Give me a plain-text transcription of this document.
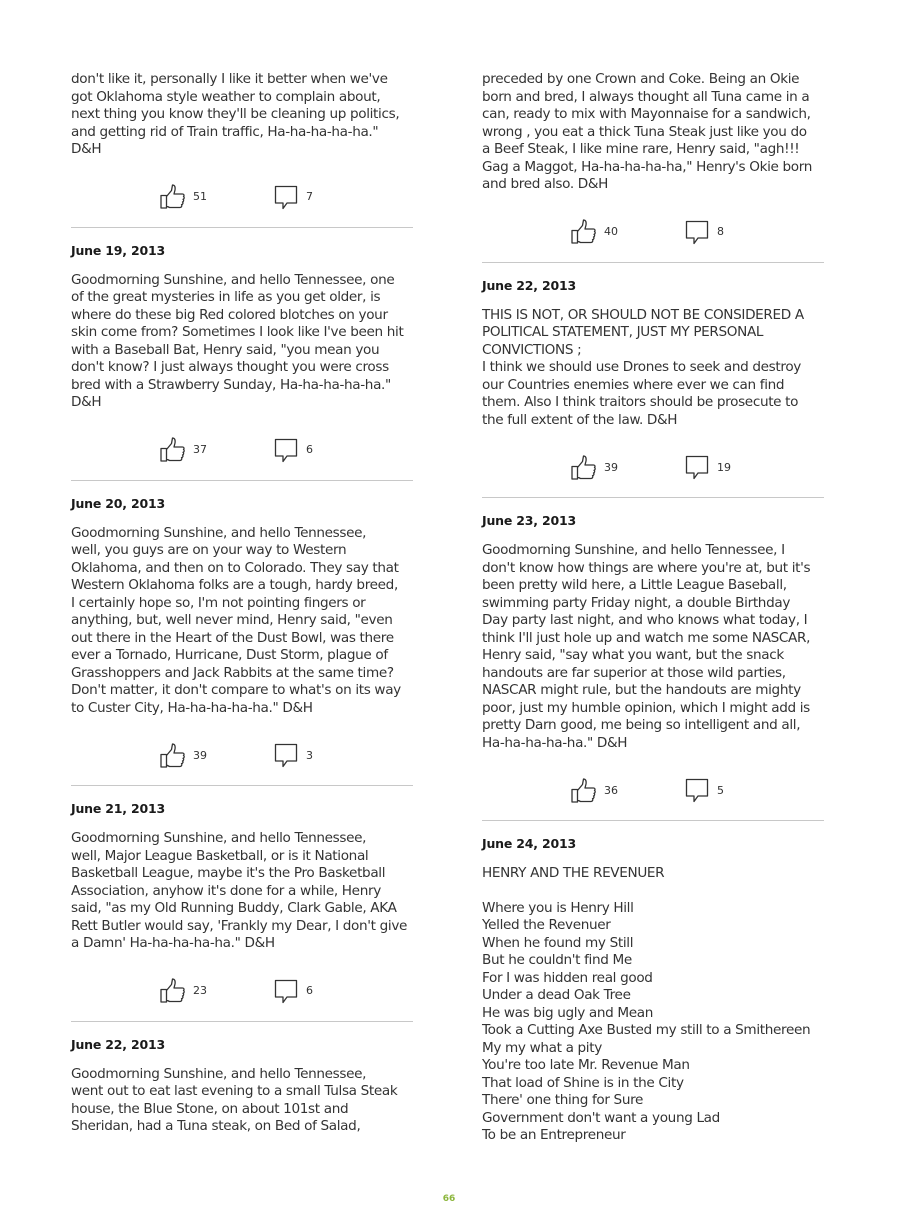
don't like it, personally I like it better when we've
got Oklahoma style weather to complain about,
next thing you know they'll be cleaning up politics,
and getting rid of Train traffic, Ha-ha-ha-ha-ha."
D&H

51	7
June 19, 2013

Goodmorning Sunshine, and hello Tennessee, one
of the great mysteries in life as you get older, is
where do these big Red colored blotches on your
skin come from? Sometimes I look like I've been hit
with a Baseball Bat, Henry said, "you mean you
don't know? I just always thought you were cross
bred with a Strawberry Sunday, Ha-ha-ha-ha-ha."
D&H

37	6
June 20, 2013

Goodmorning Sunshine, and hello Tennessee,
well, you guys are on your way to Western
Oklahoma, and then on to Colorado. They say that
Western Oklahoma folks are a tough, hardy breed,
I certainly hope so, I'm not pointing fingers or
anything, but, well never mind, Henry said, "even
out there in the Heart of the Dust Bowl, was there
ever a Tornado, Hurricane, Dust Storm, plague of
Grasshoppers and Jack Rabbits at the same time?
Don't matter, it don't compare to what's on its way
to Custer City, Ha-ha-ha-ha-ha." D&H

39	3
June 21, 2013

Goodmorning Sunshine, and hello Tennessee,
well, Major League Basketball, or is it National
Basketball League, maybe it's the Pro Basketball
Association, anyhow it's done for a while, Henry
said, "as my Old Running Buddy, Clark Gable, AKA
Rett Butler would say, 'Frankly my Dear, I don't give
a Damn' Ha-ha-ha-ha-ha." D&H

23	6
June 22, 2013

Goodmorning Sunshine, and hello Tennessee,
went out to eat last evening to a small Tulsa Steak
house, the Blue Stone, on about 101st and
Sheridan, had a Tuna steak, on Bed of Salad,

preceded by one Crown and Coke. Being an Okie
born and bred, I always thought all Tuna came in a
can, ready to mix with Mayonnaise for a sandwich,
wrong , you eat a thick Tuna Steak just like you do
a Beef Steak, I like mine rare, Henry said, "agh!!!
Gag a Maggot, Ha-ha-ha-ha-ha," Henry's Okie born
and bred also. D&H

40	8
June 22, 2013

THIS IS NOT, OR SHOULD NOT BE CONSIDERED A
POLITICAL STATEMENT, JUST MY PERSONAL
CONVICTIONS ;
I think we should use Drones to seek and destroy
our Countries enemies where ever we can find
them. Also I think traitors should be prosecute to
the full extent of the law. D&H

39	19
June 23, 2013

Goodmorning Sunshine, and hello Tennessee, I
don't know how things are where you're at, but it's
been pretty wild here, a Little League Baseball,
swimming party Friday night, a double Birthday
Day party last night, and who knows what today, I
think I'll just hole up and watch me some NASCAR,
Henry said, "say what you want, but the snack
handouts are far superior at those wild parties,
NASCAR might rule, but the handouts are mighty
poor, just my humble opinion, which I might add is
pretty Darn good, me being so intelligent and all,
Ha-ha-ha-ha-ha." D&H

36	5
June 24, 2013

HENRY AND THE REVENUER

Where you is Henry Hill
Yelled the Revenuer
When he found my Still
But he couldn't find Me
For I was hidden real good
Under a dead Oak Tree
He was big ugly and Mean
Took a Cutting Axe Busted my still to a Smithereen
My my what a pity
You're too late Mr. Revenue Man
That load of Shine is in the City
There' one thing for Sure
Government don't want a young Lad
To be an Entrepreneur

66
